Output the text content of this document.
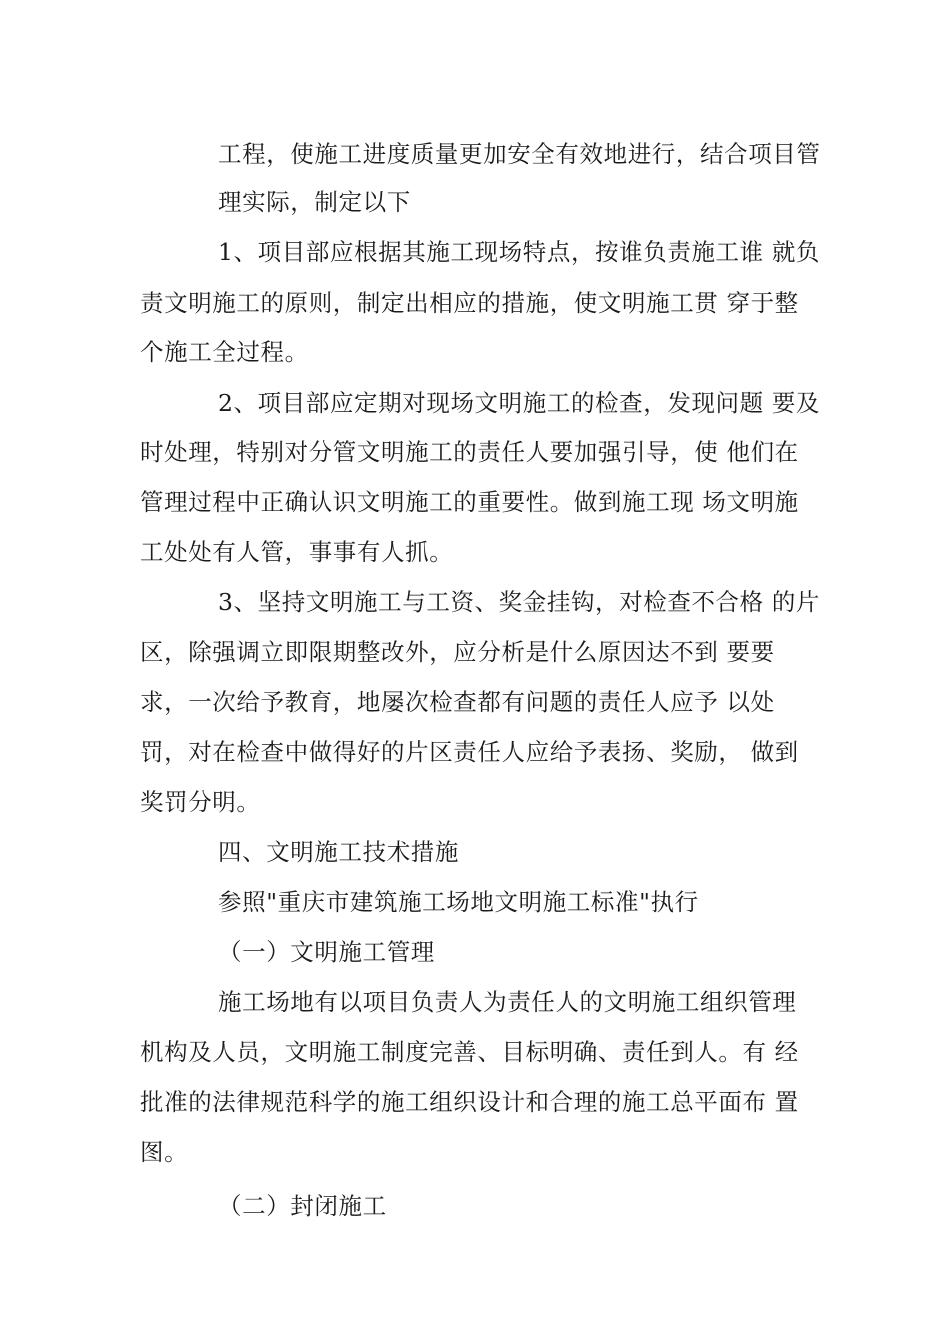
工程，使施工进度质量更加安全有效地进行，结合项目管
理实际，制定以下
1、项目部应根据其施工现场特点，按谁负责施工谁 就负
责文明施工的原则，制定出相应的措施，使文明施工贯 穿于整
个施工全过程。
2、项目部应定期对现场文明施工的检查，发现问题 要及
时处理，特别对分管文明施工的责任人要加强引导，使 他们在
管理过程中正确认识文明施工的重要性。做到施工现 场文明施
工处处有人管，事事有人抓。
3、坚持文明施工与工资、奖金挂钩，对检查不合格 的片
区，除强调立即限期整改外，应分析是什么原因达不到 要要
求，一次给予教育，地屡次检查都有问题的责任人应予 以处
罚，对在检查中做得好的片区责任人应给予表扬、奖励， 做到
奖罚分明。
四、文明施工技术措施
参照"重庆市建筑施工场地文明施工标准"执行
（一）文明施工管理
施工场地有以项目负责人为责任人的文明施工组织管理
机构及人员，文明施工制度完善、目标明确、责任到人。有 经
批准的法律规范科学的施工组织设计和合理的施工总平面布 置
图。
（二）封闭施工
